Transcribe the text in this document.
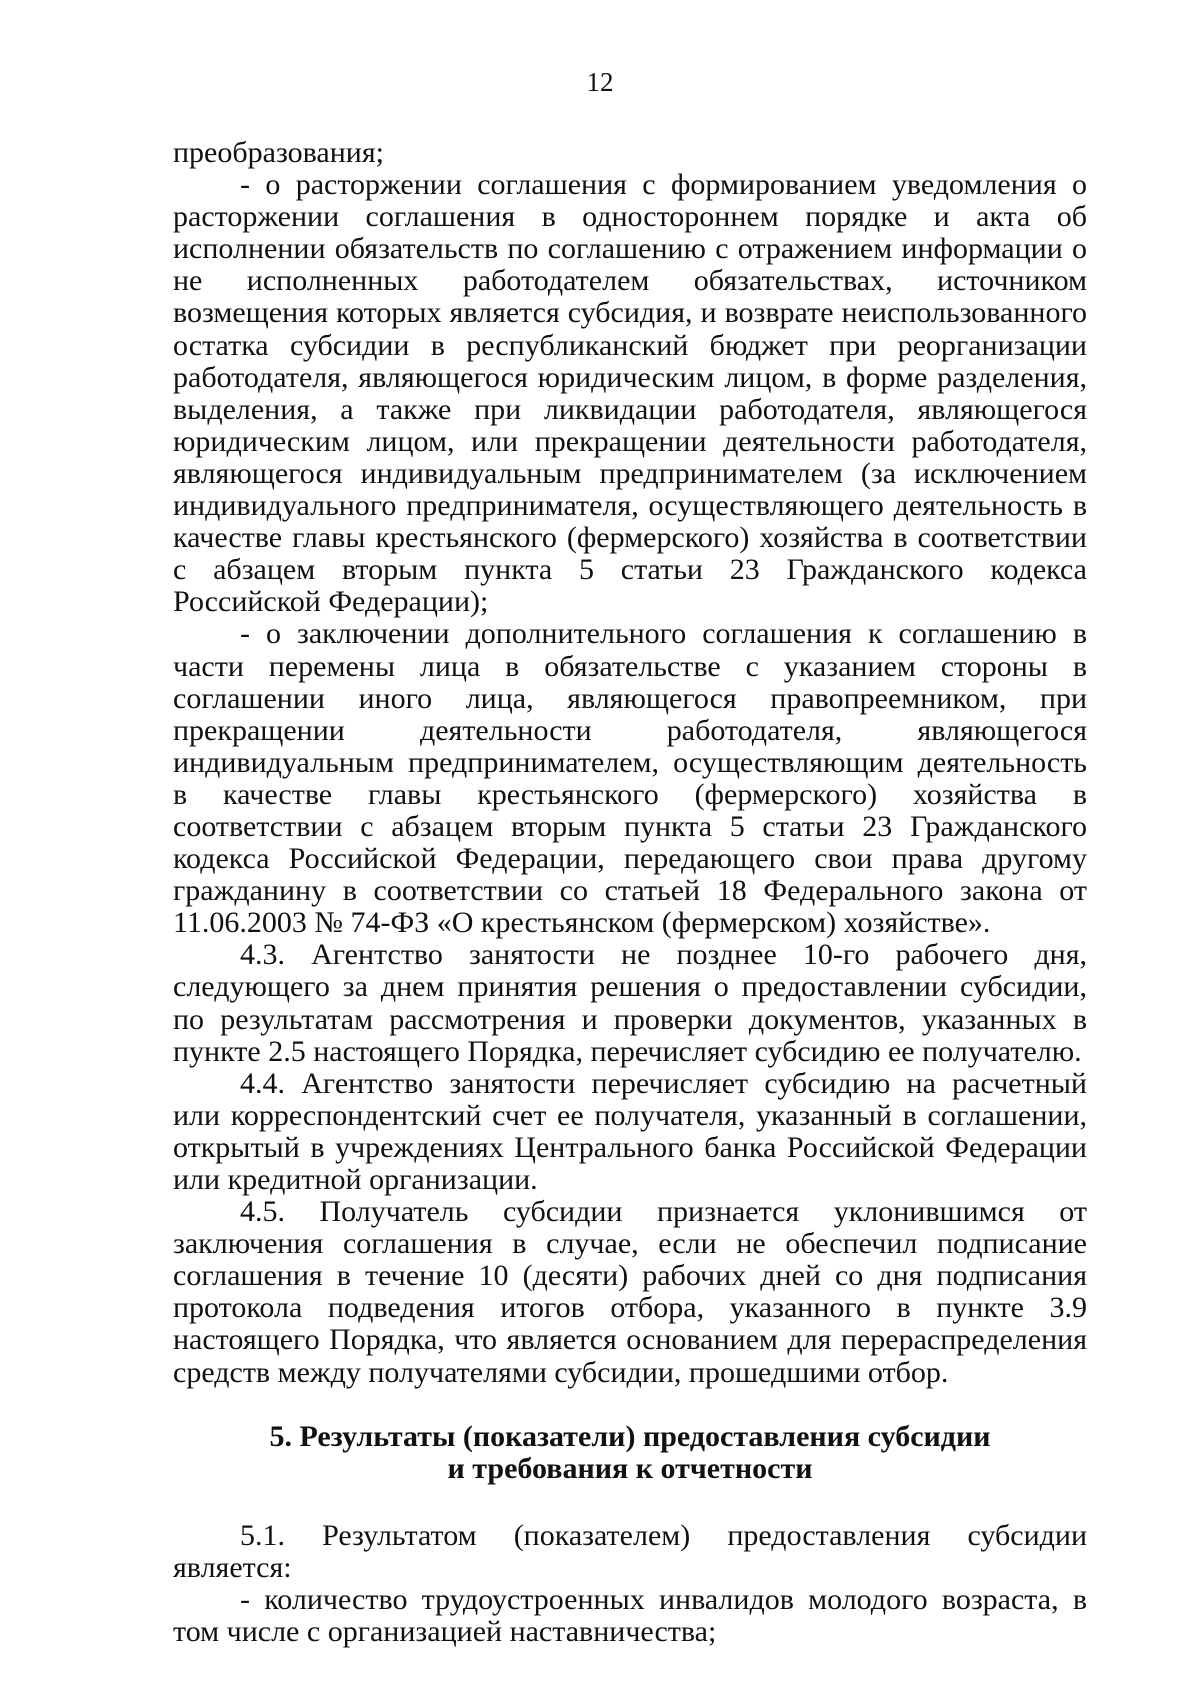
12

преобразования;

- о расторжении соглашения с формированием уведомления о расторжении соглашения в одностороннем порядке и акта об исполнении обязательств по соглашению с отражением информации о не исполненных работодателем обязательствах, источником возмещения которых является субсидия, и возврате неиспользованного остатка субсидии в республиканский бюджет при реорганизации работодателя, являющегося юридическим лицом, в форме разделения, выделения, а также при ликвидации работодателя, являющегося юридическим лицом, или прекращении деятельности работодателя, являющегося индивидуальным предпринимателем (за исключением индивидуального предпринимателя, осуществляющего деятельность в качестве главы крестьянского (фермерского) хозяйства в соответствии с абзацем вторым пункта 5 статьи 23 Гражданского кодекса Российской Федерации);

- о заключении дополнительного соглашения к соглашению в части перемены лица в обязательстве с указанием стороны в соглашении иного лица, являющегося правопреемником, при прекращении деятельности работодателя, являющегося индивидуальным предпринимателем, осуществляющим деятельность в качестве главы крестьянского (фермерского) хозяйства в соответствии с абзацем вторым пункта 5 статьи 23 Гражданского кодекса Российской Федерации, передающего свои права другому гражданину в соответствии со статьей 18 Федерального закона от 11.06.2003 № 74-ФЗ «О крестьянском (фермерском) хозяйстве».

4.3. Агентство занятости не позднее 10-го рабочего дня, следующего за днем принятия решения о предоставлении субсидии, по результатам рассмотрения и проверки документов, указанных в пункте 2.5 настоящего Порядка, перечисляет субсидию ее получателю.

4.4. Агентство занятости перечисляет субсидию на расчетный или корреспондентский счет ее получателя, указанный в соглашении, открытый в учреждениях Центрального банка Российской Федерации или кредитной организации.

4.5. Получатель субсидии признается уклонившимся от заключения соглашения в случае, если не обеспечил подписание соглашения в течение 10 (десяти) рабочих дней со дня подписания протокола подведения итогов отбора, указанного в пункте 3.9 настоящего Порядка, что является основанием для перераспределения средств между получателями субсидии, прошедшими отбор.

5. Результаты (показатели) предоставления субсидии
и требования к отчетности

5.1. Результатом (показателем) предоставления субсидии является:

- количество трудоустроенных инвалидов молодого возраста, в том числе с организацией наставничества;
